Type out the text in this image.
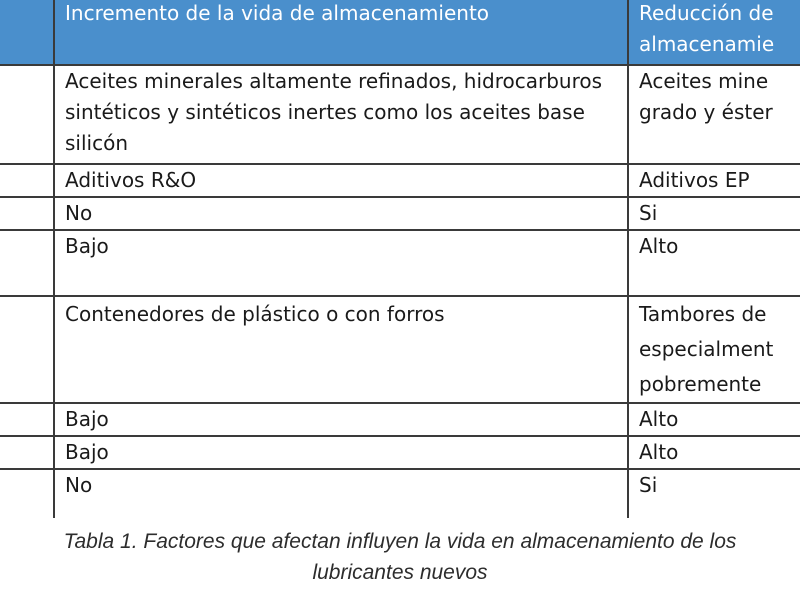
	Incremento de la vida de almacenamiento	Reducción de
almacenamie
	Aceites minerales altamente refinados, hidrocarburos sintéticos y sintéticos inertes como los aceites base silicón	Aceites mine
grado y éster
	Aditivos R&O	Aditivos EP
	No	Si

	Bajo	Alto
	Contenedores de plástico o con forros	Tambores de
especialment
pobremente
	Bajo	Alto
	Bajo	Alto
	No	Si
Tabla 1. Factores que afectan influyen la vida en almacenamiento de los
lubricantes nuevos
